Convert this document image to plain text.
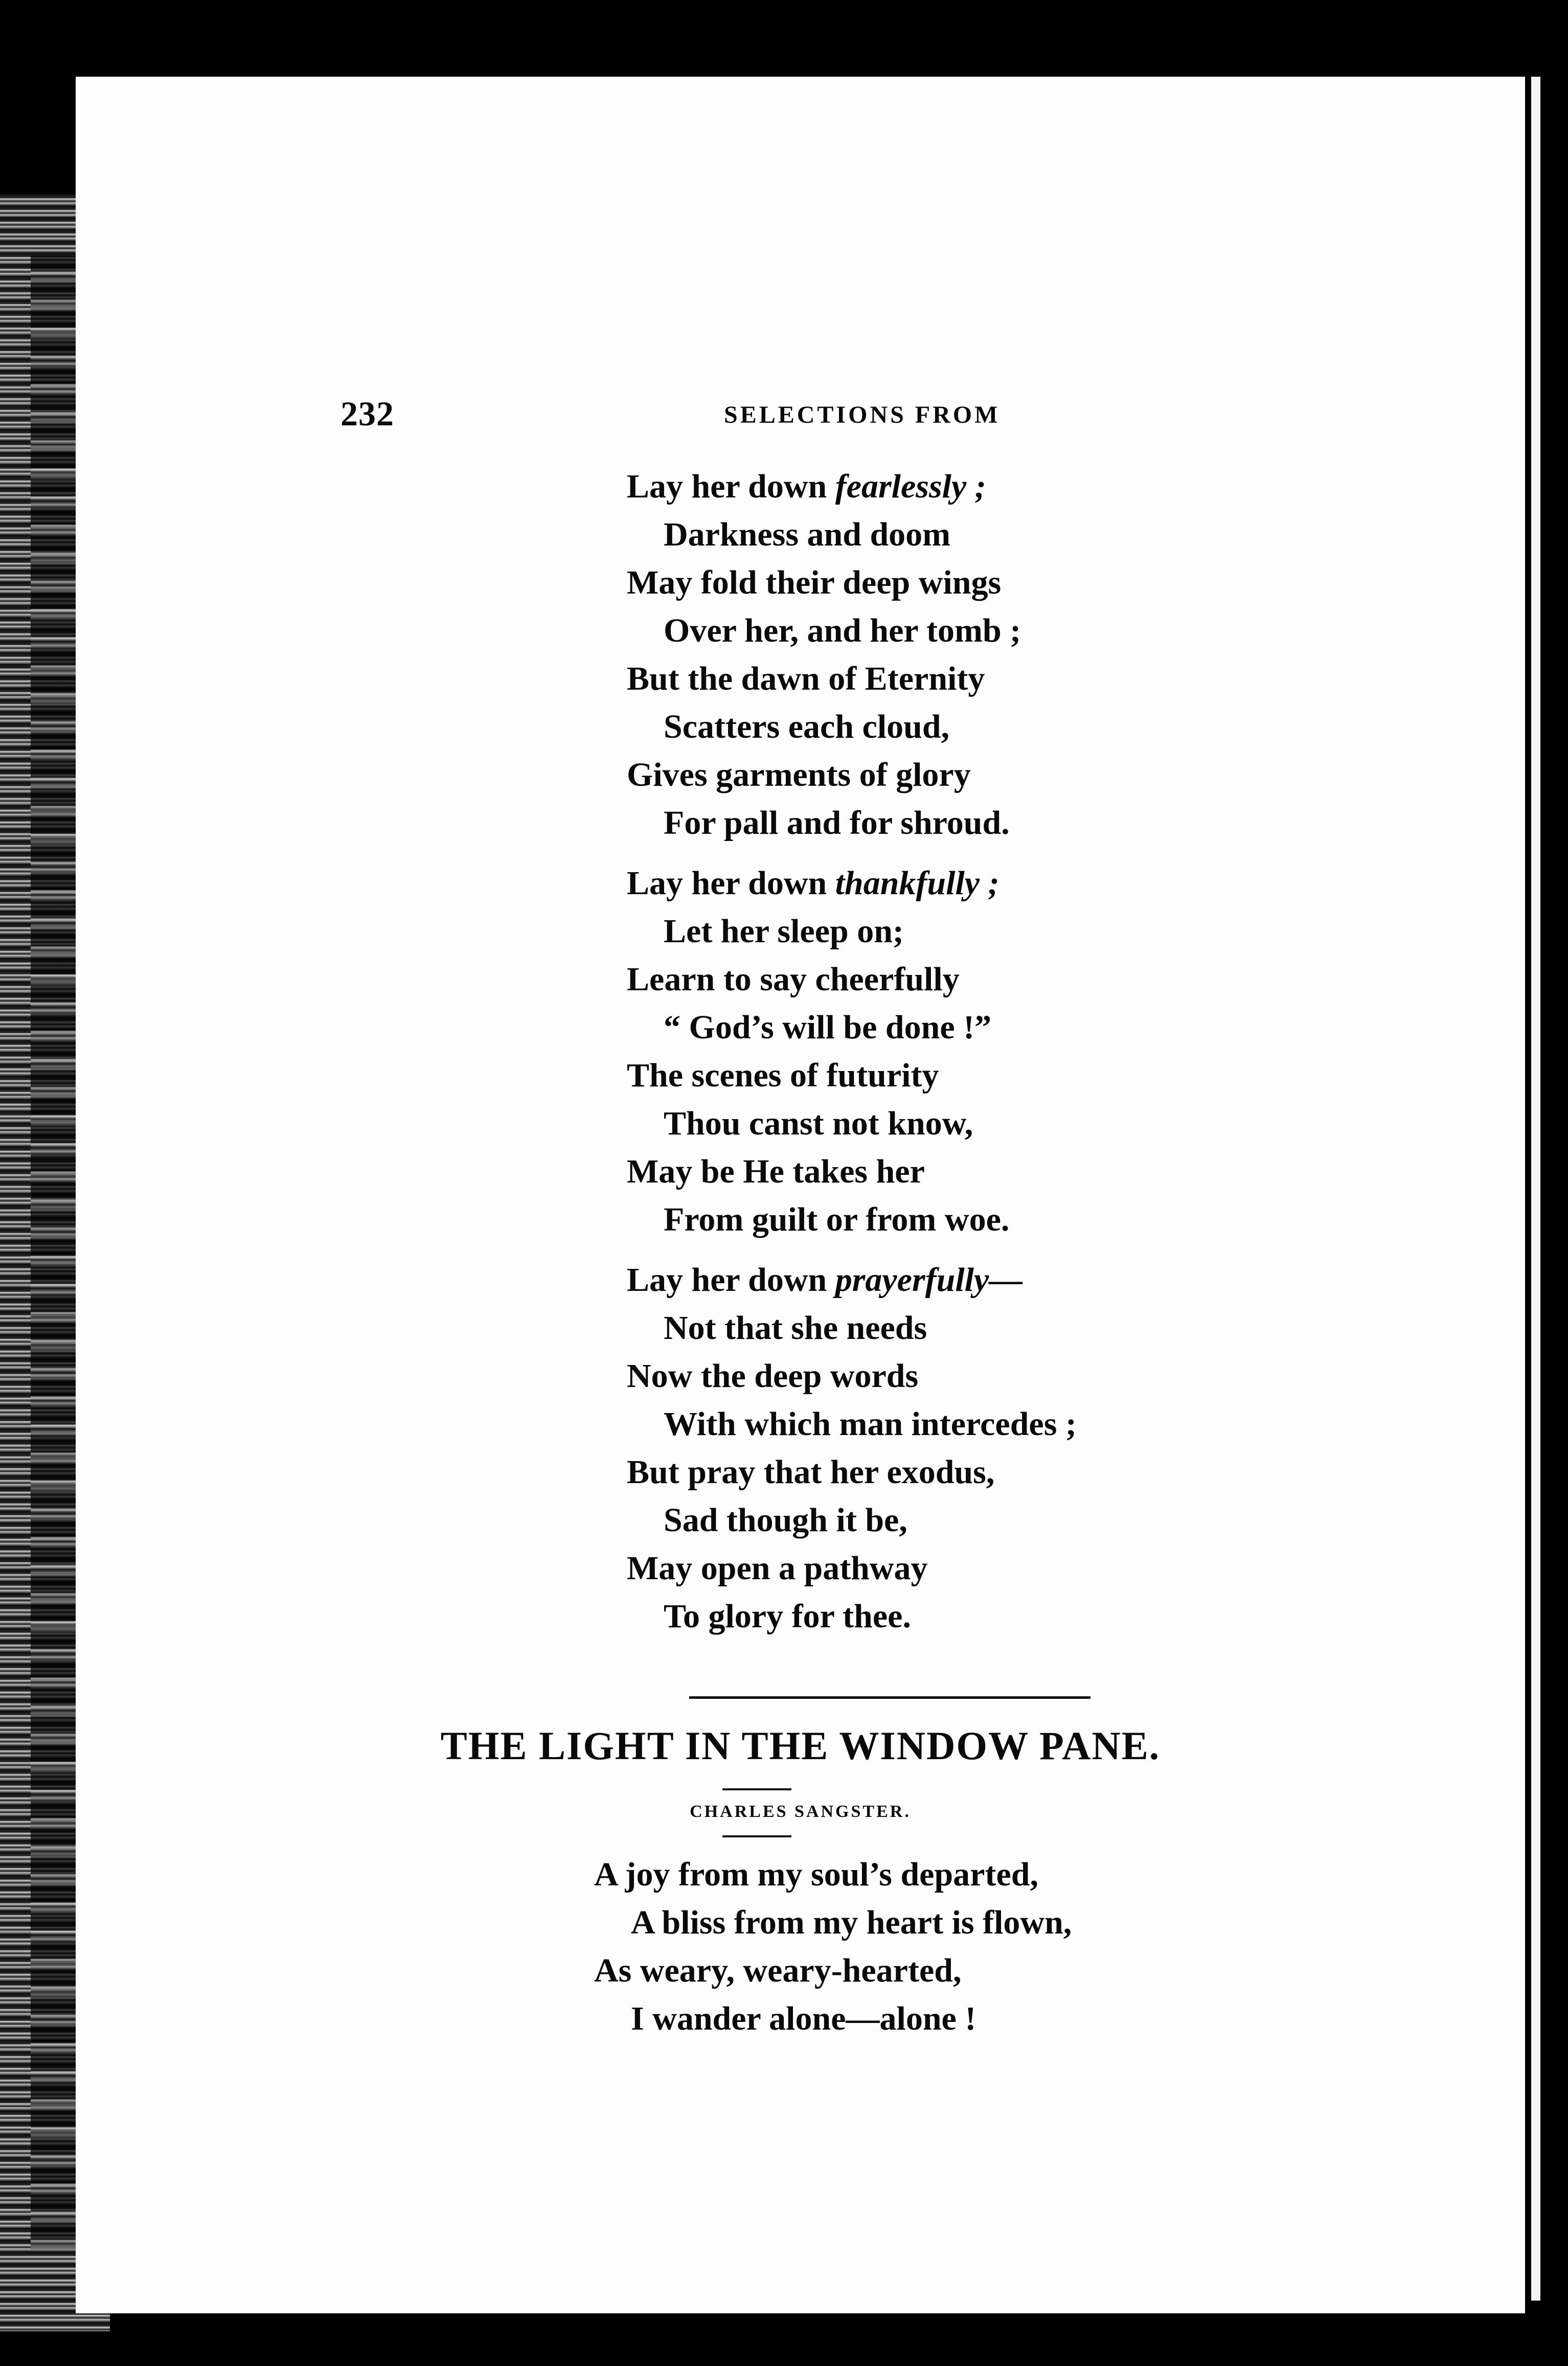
232	SELECTIONS FROM
Lay her down fearlessly ;
Darkness and doom
May fold their deep wings
Over her, and her tomb ;
But the dawn of Eternity
Scatters each cloud,
Gives garments of glory
For pall and for shroud.
Lay her down thankfully ;
Let her sleep on;
Learn to say cheerfully
“ God’s will be done !”
The scenes of futurity
Thou canst not know,
May be He takes her
From guilt or from woe.
Lay her down prayerfully—
Not that she needs
Now the deep words
With which man intercedes ;
But pray that her exodus,
Sad though it be,
May open a pathway
To glory for thee.
THE LIGHT IN THE WINDOW PANE.
CHARLES SANGSTER.
A joy from my soul’s departed,
A bliss from my heart is flown,
As weary, weary-hearted,
I wander alone—alone !
